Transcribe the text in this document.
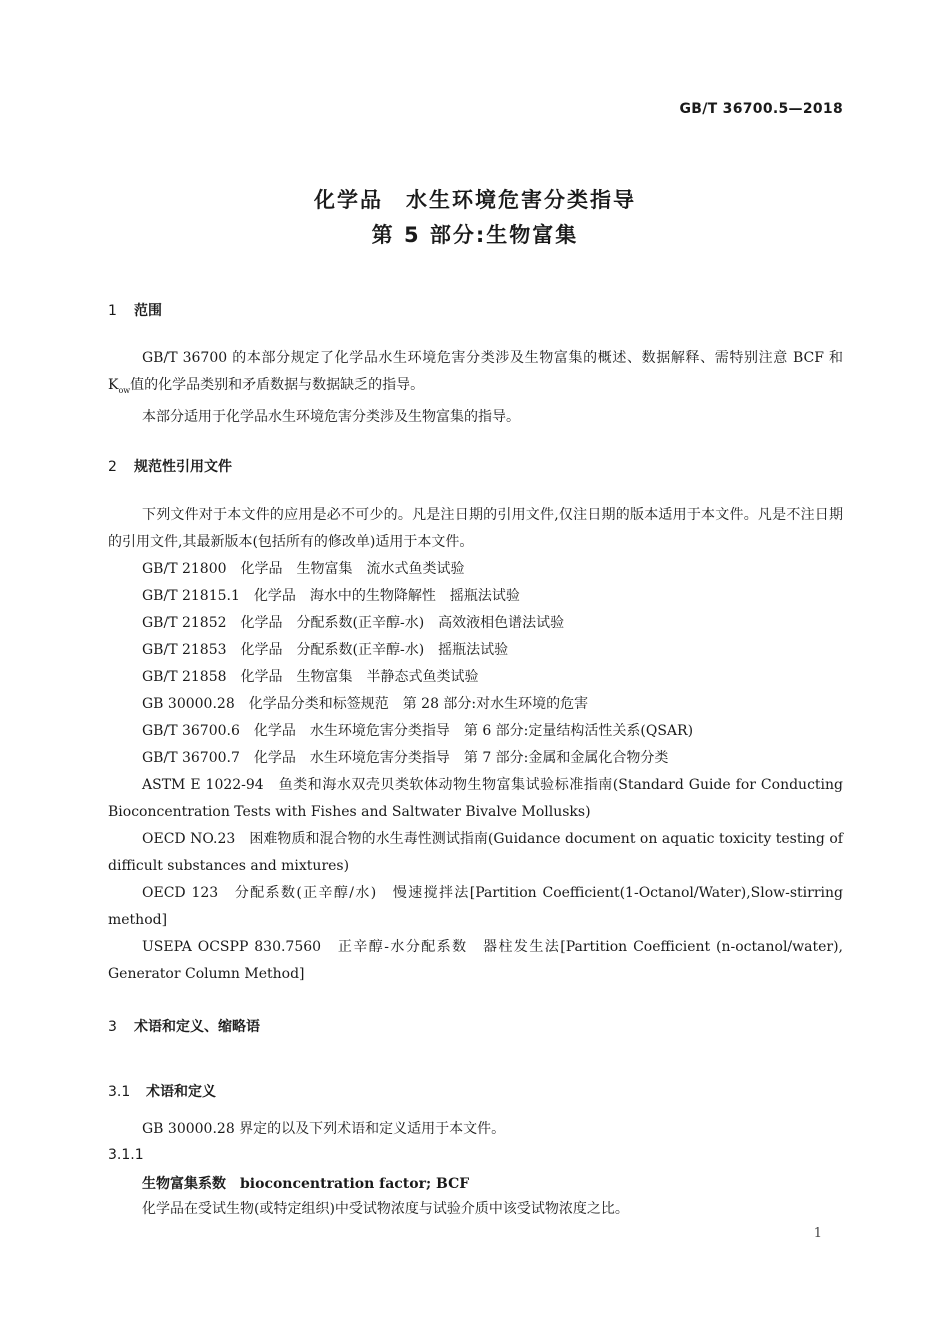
GB/T 36700.5—2018
化学品　水生环境危害分类指导
第 5 部分:生物富集
1 范围

GB/T 36700 的本部分规定了化学品水生环境危害分类涉及生物富集的概述、数据解释、需特别注意 BCF 和 $K_{ow}$值的化学品类别和矛盾数据与数据缺乏的指导。

本部分适用于化学品水生环境危害分类涉及生物富集的指导。

2 规范性引用文件

下列文件对于本文件的应用是必不可少的。凡是注日期的引用文件,仅注日期的版本适用于本文件。凡是不注日期的引用文件,其最新版本(包括所有的修改单)适用于本文件。

GB/T 21800　化学品　生物富集　流水式鱼类试验

GB/T 21815.1　化学品　海水中的生物降解性　摇瓶法试验

GB/T 21852　化学品　分配系数(正辛醇-水)　高效液相色谱法试验

GB/T 21853　化学品　分配系数(正辛醇-水)　摇瓶法试验

GB/T 21858　化学品　生物富集　半静态式鱼类试验

GB 30000.28　化学品分类和标签规范　第 28 部分:对水生环境的危害

GB/T 36700.6　化学品　水生环境危害分类指导　第 6 部分:定量结构活性关系(QSAR)

GB/T 36700.7　化学品　水生环境危害分类指导　第 7 部分:金属和金属化合物分类

ASTM E 1022-94　鱼类和海水双壳贝类软体动物生物富集试验标准指南(Standard Guide for Conducting Bioconcentration Tests with Fishes and Saltwater Bivalve Mollusks)

OECD NO.23　困难物质和混合物的水生毒性测试指南(Guidance document on aquatic toxicity testing of difficult substances and mixtures)

OECD 123　分配系数(正辛醇/水)　慢速搅拌法[Partition Coefficient(1-Octanol/Water),Slow-stirring method]

USEPA OCSPP 830.7560　正辛醇-水分配系数　器柱发生法[Partition Coefficient (n-octanol/water), Generator Column Method]

3 术语和定义、缩略语
3.1 术语和定义

GB 30000.28 界定的以及下列术语和定义适用于本文件。

3.1.1
生物富集系数 bioconcentration factor; BCF
化学品在受试生物(或特定组织)中受试物浓度与试验介质中该受试物浓度之比。
1
